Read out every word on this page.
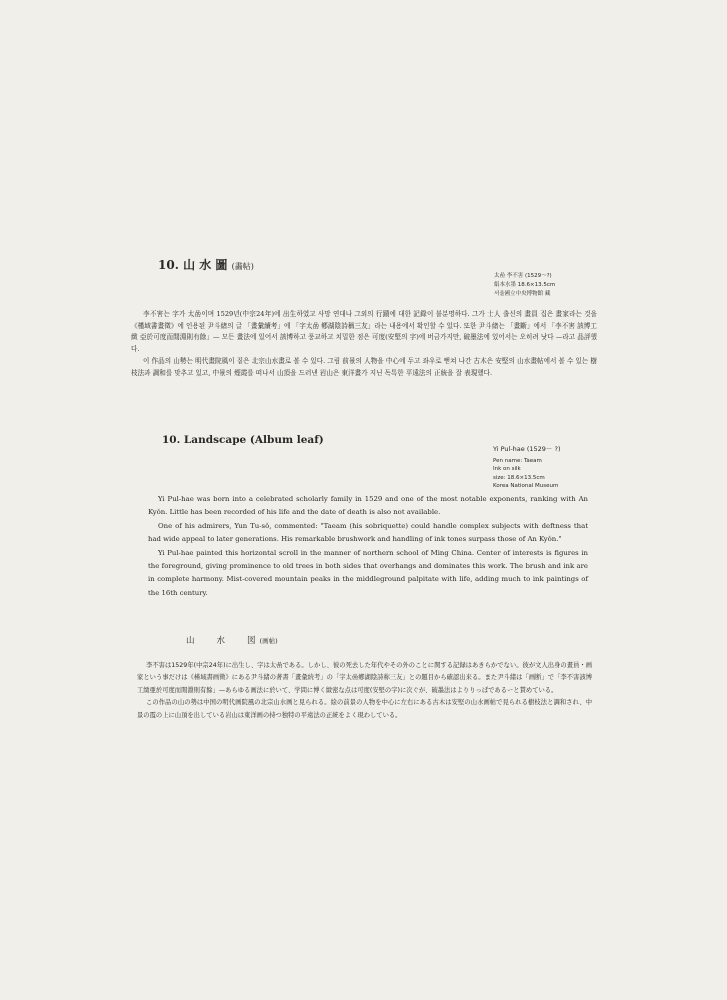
10. 山 水 圖 (畵帖)
太嵒 李不害 (1529～?)
絹本水墨 18.6×13.5cm
서울國立中央博物館 藏

李不害는 字가 太嵒이며 1529년(中宗24年)에 出生하였고 사망 연대나 그외의 行蹟에 대한 記錄이 불분명하다. 그가 士人 출신의 畫員 집은 畫家라는 것을 《槿域書畫徵》에 인용된 尹斗緖의 글 「畫彙續考」에 「字太嵒 鄕湖陰詩稱三友」라는 내용에서 확인할 수 있다. 또한 尹斗緖는 「畫斷」에서 「李不害 該博工緻 亞於可度而閒淵則有餘」— 모든 畫法에 있어서 該博하고 풍교하고 치밀한 점은 可度(安堅의 字)에 버금가지만, 破墨法에 있어서는 오히려 낫다 —라고 品評했다.

이 作品의 山勢는 明代畫院風이 짙은 北宗山水畫로 볼 수 있다. 그림 前景의 人物을 中心에 두고 좌우로 뻗쳐 나간 古木은 安堅의 山水畫帖에서 볼 수 있는 樹枝法과 調和를 맞추고 있고, 中景의 煙霞를 떠나서 山頂을 드러낸 岩山은 東洋畫가 지닌 독특한 平遠法의 正統을 잘 表現했다.

10. Landscape (Album leaf)
Yi Pul-hae (1529－ ?)
Pen name: Taeam
Ink on silk
size: 18.6×13.5cm
Korea National Museum

Yi Pul-hae was born into a celebrated scholarly family in 1529 and one of the most notable exponents, ranking with An Kyŏn. Little has been recorded of his life and the date of death is also not available.

One of his admirers, Yun Tu-sŏ, commented: "Taeam (his sobriquette) could handle complex subjects with deftness that had wide appeal to later generations. His remarkable brushwork and handling of ink tones surpass those of An Kyŏn."

Yi Pul-hae painted this horizontal scroll in the manner of northern school of Ming China. Center of interests is figures in the foreground, giving prominence to old trees in both sides that overhangs and dominates this work. The brush and ink are in complete harmony. Mist-covered mountain peaks in the middleground palpitate with life, adding much to ink paintings of the 16th century.

山	水	図 (画帖)

李不害は1529年(中宗24年)に出生し、字は太嵒である。しかし、彼の死去した年代やその外のことに関する記録はあきらかでない。彼が文人出身の畫員・画家という事だけは《槿域書画徵》にある尹斗緒の著書「畫彙続考」の「字太嵒鄕湖陰詩称三友」との題目から確認出来る。また尹斗緒は「画断」で「李不害該博工緻亜於可度而閒淵則有餘」—あらゆる画法に於いて、学問に博く緻密な点は可度(安堅の字)に次ぐが、破墨法はよりりっぱであるーと賛めている。

この作品の山の勢は中国の明代画院風の北宗山水画と見られる。絵の前景の人物を中心に左右にある古木は安堅の山水画帖で見られる樹枝法と調和され、中景の霞の上に山頂を出している岩山は東洋画の持つ独特の平遠法の正統をよく現わしている。
